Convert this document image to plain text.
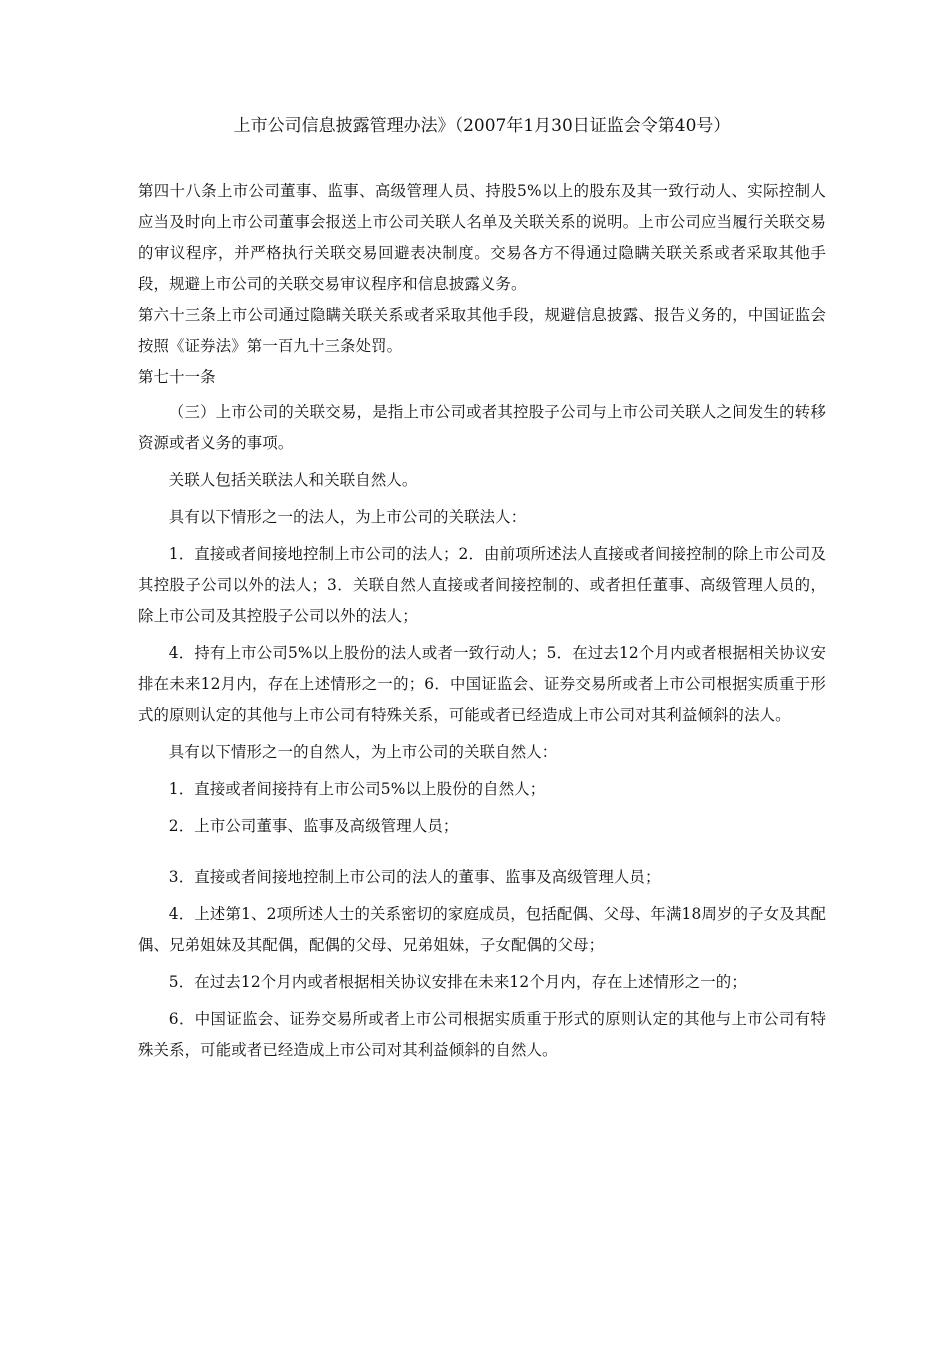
上市公司信息披露管理办法》（2007年1月30日证监会令第40号）

第四十八条上市公司董事、监事、高级管理人员、持股5%以上的股东及其一致行动人、实际控制人应当及时向上市公司董事会报送上市公司关联人名单及关联关系的说明。上市公司应当履行关联交易的审议程序，并严格执行关联交易回避表决制度。交易各方不得通过隐瞒关联关系或者采取其他手段，规避上市公司的关联交易审议程序和信息披露义务。

第六十三条上市公司通过隐瞒关联关系或者采取其他手段，规避信息披露、报告义务的，中国证监会按照《证券法》第一百九十三条处罚。

第七十一条

（三）上市公司的关联交易，是指上市公司或者其控股子公司与上市公司关联人之间发生的转移资源或者义务的事项。

关联人包括关联法人和关联自然人。

具有以下情形之一的法人，为上市公司的关联法人：

1．直接或者间接地控制上市公司的法人；2．由前项所述法人直接或者间接控制的除上市公司及其控股子公司以外的法人；3．关联自然人直接或者间接控制的、或者担任董事、高级管理人员的，除上市公司及其控股子公司以外的法人；

4．持有上市公司5%以上股份的法人或者一致行动人；5．在过去12个月内或者根据相关协议安排在未来12月内，存在上述情形之一的；6．中国证监会、证券交易所或者上市公司根据实质重于形式的原则认定的其他与上市公司有特殊关系，可能或者已经造成上市公司对其利益倾斜的法人。

具有以下情形之一的自然人，为上市公司的关联自然人：

1．直接或者间接持有上市公司5%以上股份的自然人；

2．上市公司董事、监事及高级管理人员；

3．直接或者间接地控制上市公司的法人的董事、监事及高级管理人员；

4．上述第1、2项所述人士的关系密切的家庭成员，包括配偶、父母、年满18周岁的子女及其配偶、兄弟姐妹及其配偶，配偶的父母、兄弟姐妹，子女配偶的父母；

5．在过去12个月内或者根据相关协议安排在未来12个月内，存在上述情形之一的；

6．中国证监会、证券交易所或者上市公司根据实质重于形式的原则认定的其他与上市公司有特殊关系，可能或者已经造成上市公司对其利益倾斜的自然人。
